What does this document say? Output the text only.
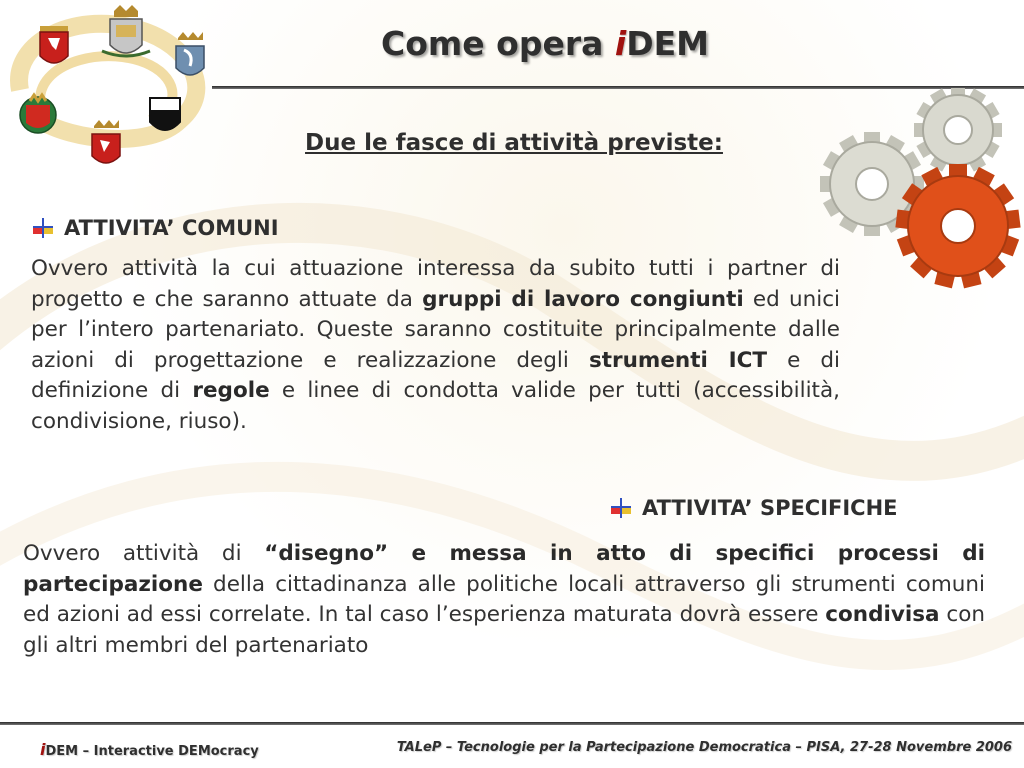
Come opera iDEM
Due le fasce di attività previste:
ATTIVITA’ COMUNI
Ovvero attività la cui attuazione interessa da subito tutti i partner di progetto e che saranno attuate da gruppi di lavoro congiunti ed unici per l’intero partenariato. Queste saranno costituite principalmente dalle azioni di progettazione e realizzazione degli strumenti ICT e di definizione di regole e linee di condotta valide per tutti (accessibilità, condivisione, riuso).
ATTIVITA’ SPECIFICHE
Ovvero attività di “disegno” e messa in atto di specifici processi di partecipazione della cittadinanza alle politiche locali attraverso gli strumenti comuni ed azioni ad essi correlate. In tal caso l’esperienza maturata dovrà essere condivisa con gli altri membri del partenariato
iDEM – Interactive DEMocracy	TALeP – Tecnologie per la Partecipazione Democratica – PISA, 27-28 Novembre 2006
